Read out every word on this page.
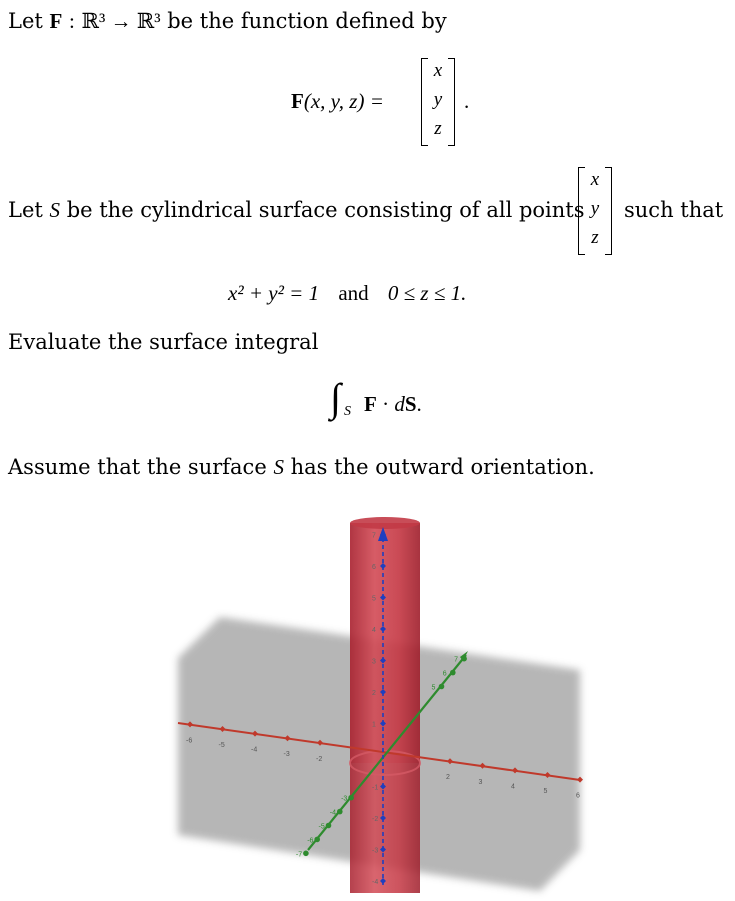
Let F : ℝ³ → ℝ³ be the function defined by
F(x, y, z) =
x
y
z
.
Let S be the cylindrical surface consisting of all points
x
y
z
such that
x² + y² = 1 and 0 ≤ z ≤ 1.
Evaluate the surface integral
∫ S F · dS.
Assume that the surface S has the outward orientation.
-6
-5
-4
-3
-2
2
3
4
5
6
-7
-6
-5
-4
-3
5
6
7
7
6
5
4
3
2
1
-1
-2
-3
-4
